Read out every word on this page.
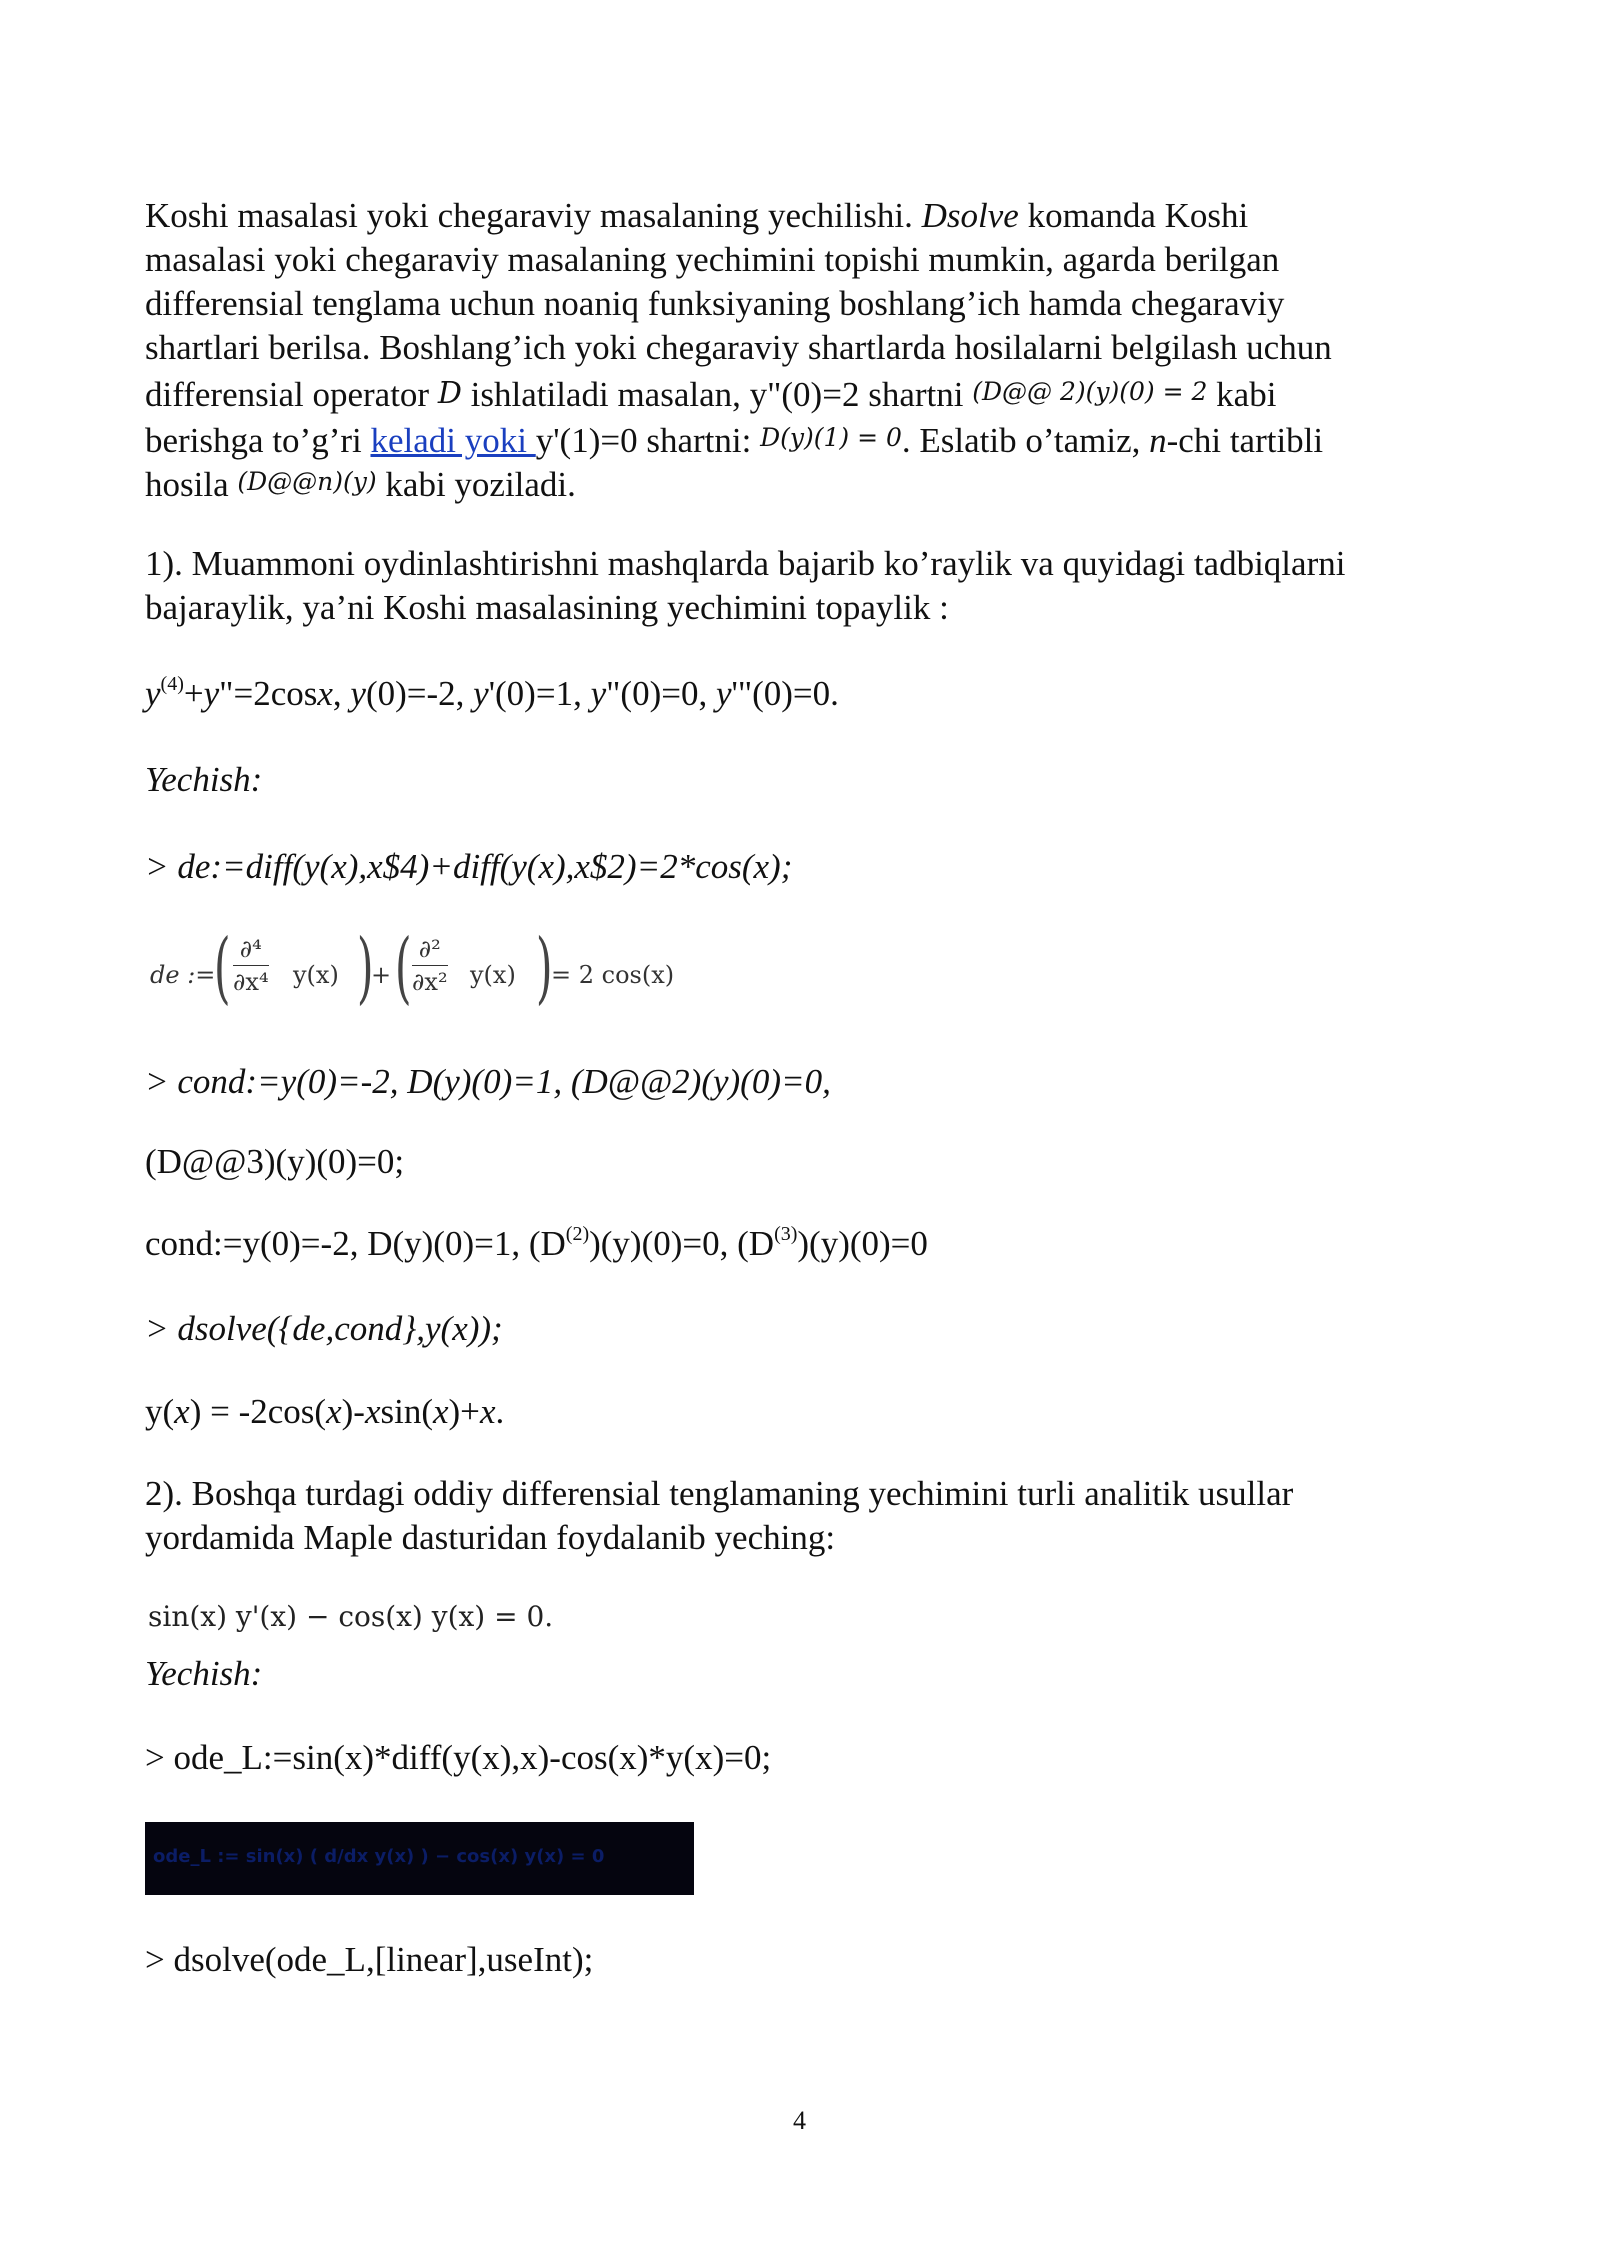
Koshi masalasi yoki chegaraviy masalaning yechilishi. Dsolve komanda Koshi

masalasi yoki chegaraviy masalaning yechimini topishi mumkin, agarda berilgan

differensial tenglama uchun noaniq funksiyaning boshlang’ich hamda chegaraviy

shartlari berilsa. Boshlang’ich yoki chegaraviy shartlarda hosilalarni belgilash uchun

differensial operator D ishlatiladi masalan, y"(0)=2 shartni (D@@ 2)(y)(0) = 2 kabi

berishga to’g’ri keladi yoki y'(1)=0 shartni: D(y)(1) = 0. Eslatib o’tamiz, n-chi tartibli

hosila (D@@n)(y) kabi yoziladi.

1). Muammoni oydinlashtirishni mashqlarda bajarib ko’raylik va quyidagi tadbiqlarni

bajaraylik, ya’ni Koshi masalasining yechimini topaylik :

$y^{(4)}+y"=2\cos x$, y(0)=-2, y'(0)=1, y"(0)=0, y'"(0)=0.

Yechish:

> de:=diff(y(x),x$4)+diff(y(x),x$2)=2*cos(x);

de :=
( ∂⁴
∂x⁴ y(x) )
+ ( ∂²
∂x² y(x) )
= 2 cos(x)

> cond:=y(0)=-2, D(y)(0)=1, (D@@2)(y)(0)=0,

(D@@3)(y)(0)=0;

cond:=y(0)=-2, D(y)(0)=1, $(D^{(2)})(y)(0)=0$, $(D^{(3)})(y)(0)=0$

> dsolve({de,cond},y(x));

y(x) = -2cos(x)-xsin(x)+x.

2). Boshqa turdagi oddiy differensial tenglamaning yechimini turli analitik usullar

yordamida Maple dasturidan foydalanib yeching:

sin(x) y'(x) − cos(x) y(x) = 0.

Yechish:

> ode_L:=sin(x)*diff(y(x),x)-cos(x)*y(x)=0;

ode_L := sin(x) ( d/dx y(x) ) − cos(x) y(x) = 0

> dsolve(ode_L,[linear],useInt);

4
